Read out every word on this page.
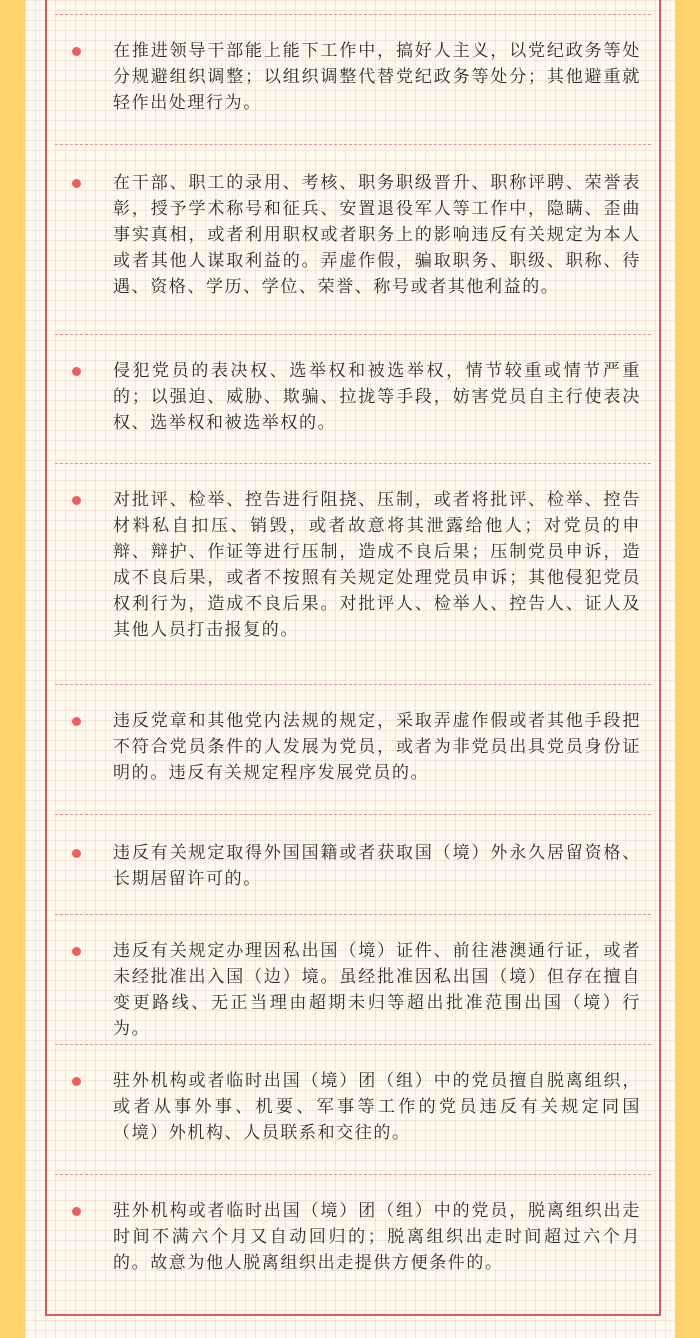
在推进领导干部能上能下工作中，搞好人主义，以党纪政务等处分规避组织调整；以组织调整代替党纪政务等处分；其他避重就轻作出处理行为。
在干部、职工的录用、考核、职务职级晋升、职称评聘、荣誉表彰，授予学术称号和征兵、安置退役军人等工作中，隐瞒、歪曲事实真相，或者利用职权或者职务上的影响违反有关规定为本人或者其他人谋取利益的。弄虚作假，骗取职务、职级、职称、待遇、资格、学历、学位、荣誉、称号或者其他利益的。
侵犯党员的表决权、选举权和被选举权，情节较重或情节严重的；以强迫、威胁、欺骗、拉拢等手段，妨害党员自主行使表决权、选举权和被选举权的。
对批评、检举、控告进行阻挠、压制，或者将批评、检举、控告材料私自扣压、销毁，或者故意将其泄露给他人；对党员的申辩、辩护、作证等进行压制，造成不良后果；压制党员申诉，造成不良后果，或者不按照有关规定处理党员申诉；其他侵犯党员权利行为，造成不良后果。对批评人、检举人、控告人、证人及其他人员打击报复的。
违反党章和其他党内法规的规定，采取弄虚作假或者其他手段把不符合党员条件的人发展为党员，或者为非党员出具党员身份证明的。违反有关规定程序发展党员的。
违反有关规定取得外国国籍或者获取国（境）外永久居留资格、长期居留许可的。
违反有关规定办理因私出国（境）证件、前往港澳通行证，或者未经批准出入国（边）境。虽经批准因私出国（境）但存在擅自变更路线、无正当理由超期未归等超出批准范围出国（境）行为。
驻外机构或者临时出国（境）团（组）中的党员擅自脱离组织，或者从事外事、机要、军事等工作的党员违反有关规定同国（境）外机构、人员联系和交往的。
驻外机构或者临时出国（境）团（组）中的党员，脱离组织出走时间不满六个月又自动回归的；脱离组织出走时间超过六个月的。故意为他人脱离组织出走提供方便条件的。
